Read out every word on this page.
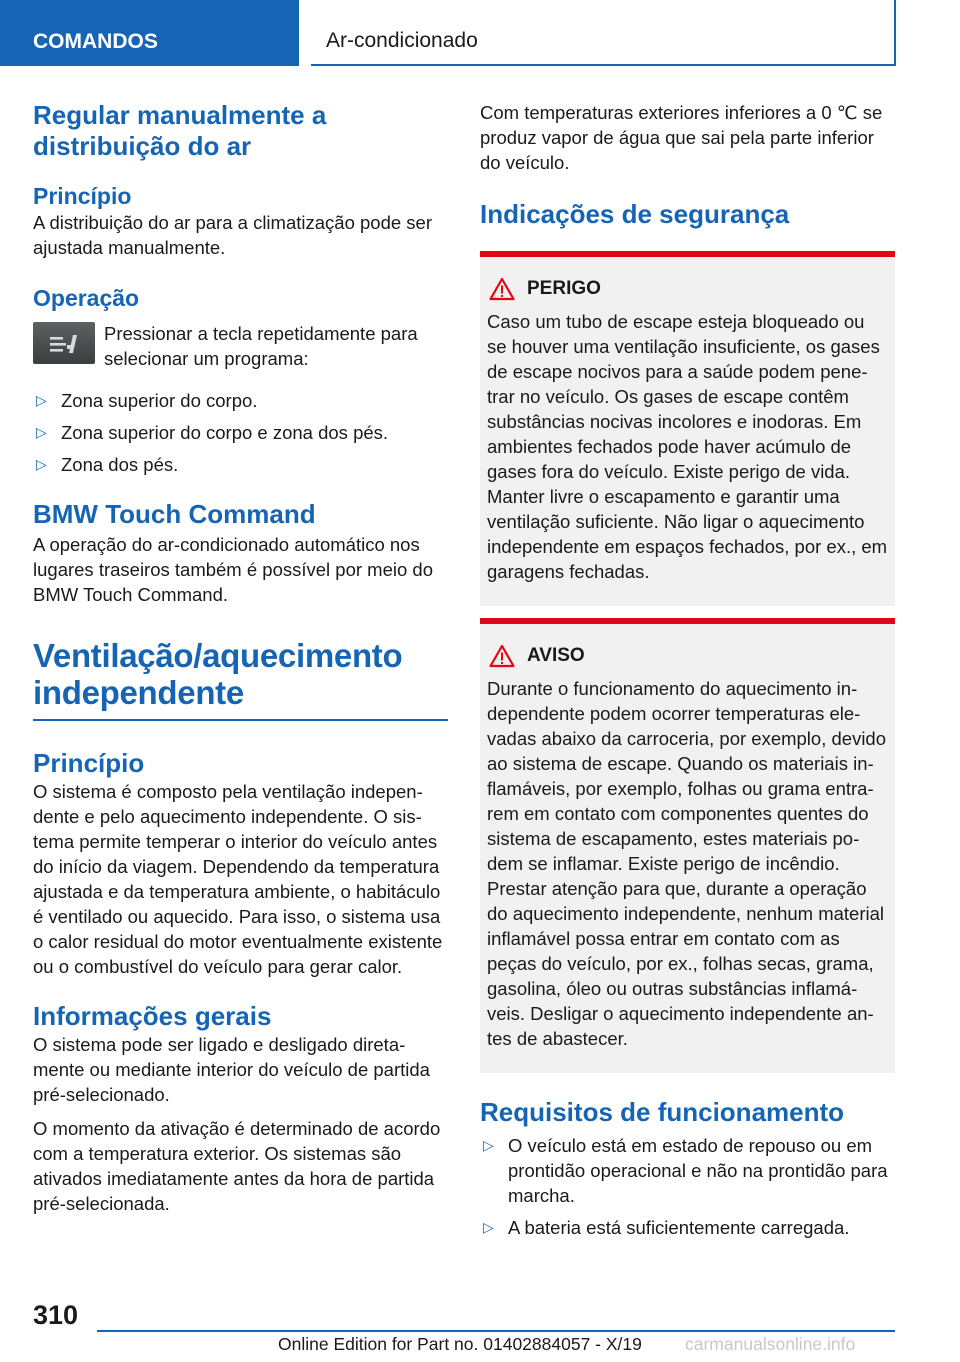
COMANDOS	Ar-condicionado
Regular manualmente a distribuição do ar
Princípio

A distribuição do ar para a climatização pode ser ajustada manualmente.

Operação

Pressionar a tecla repetidamente para selecionar um programa:

▷ Zona superior do corpo.
▷ Zona superior do corpo e zona dos pés.
▷ Zona dos pés.
BMW Touch Command

A operação do ar-condicionado automático nos lugares traseiros também é possível por meio do BMW Touch Command.

Ventilação/aquecimento independente
Princípio

O sistema é composto pela ventilação independente e pelo aquecimento independente. O sistema permite temperar o interior do veículo antes do início da viagem. Dependendo da temperatura ajustada e da temperatura ambiente, o habitáculo é ventilado ou aquecido. Para isso, o sistema usa o calor residual do motor eventualmente existente ou o combustível do veículo para gerar calor.

Informações gerais

O sistema pode ser ligado e desligado diretamente ou mediante interior do veículo de partida pré-selecionado.

O momento da ativação é determinado de acordo com a temperatura exterior. Os sistemas são ativados imediatamente antes da hora de partida pré-selecionada.

Com temperaturas exteriores inferiores a 0 ℃ se produz vapor de água que sai pela parte inferior do veículo.

Indicações de segurança
PERIGO

Caso um tubo de escape esteja bloqueado ou se houver uma ventilação insuficiente, os gases de escape nocivos para a saúde podem penetrar no veículo. Os gases de escape contêm substâncias nocivas incolores e inodoras. Em ambientes fechados pode haver acúmulo de gases fora do veículo. Existe perigo de vida. Manter livre o escapamento e garantir uma ventilação suficiente. Não ligar o aquecimento independente em espaços fechados, por ex., em garagens fechadas.

AVISO

Durante o funcionamento do aquecimento independente podem ocorrer temperaturas elevadas abaixo da carroceria, por exemplo, devido ao sistema de escape. Quando os materiais inflamáveis, por exemplo, folhas ou grama entrarem em contato com componentes quentes do sistema de escapamento, estes materiais podem se inflamar. Existe perigo de incêndio. Prestar atenção para que, durante a operação do aquecimento independente, nenhum material inflamável possa entrar em contato com as peças do veículo, por ex., folhas secas, grama, gasolina, óleo ou outras substâncias inflamáveis. Desligar o aquecimento independente antes de abastecer.

Requisitos de funcionamento
▷ O veículo está em estado de repouso ou em prontidão operacional e não na prontidão para marcha.
▷ A bateria está suficientemente carregada.
310
Online Edition for Part no. 01402884057 - X/19 carmanualsonline.info
